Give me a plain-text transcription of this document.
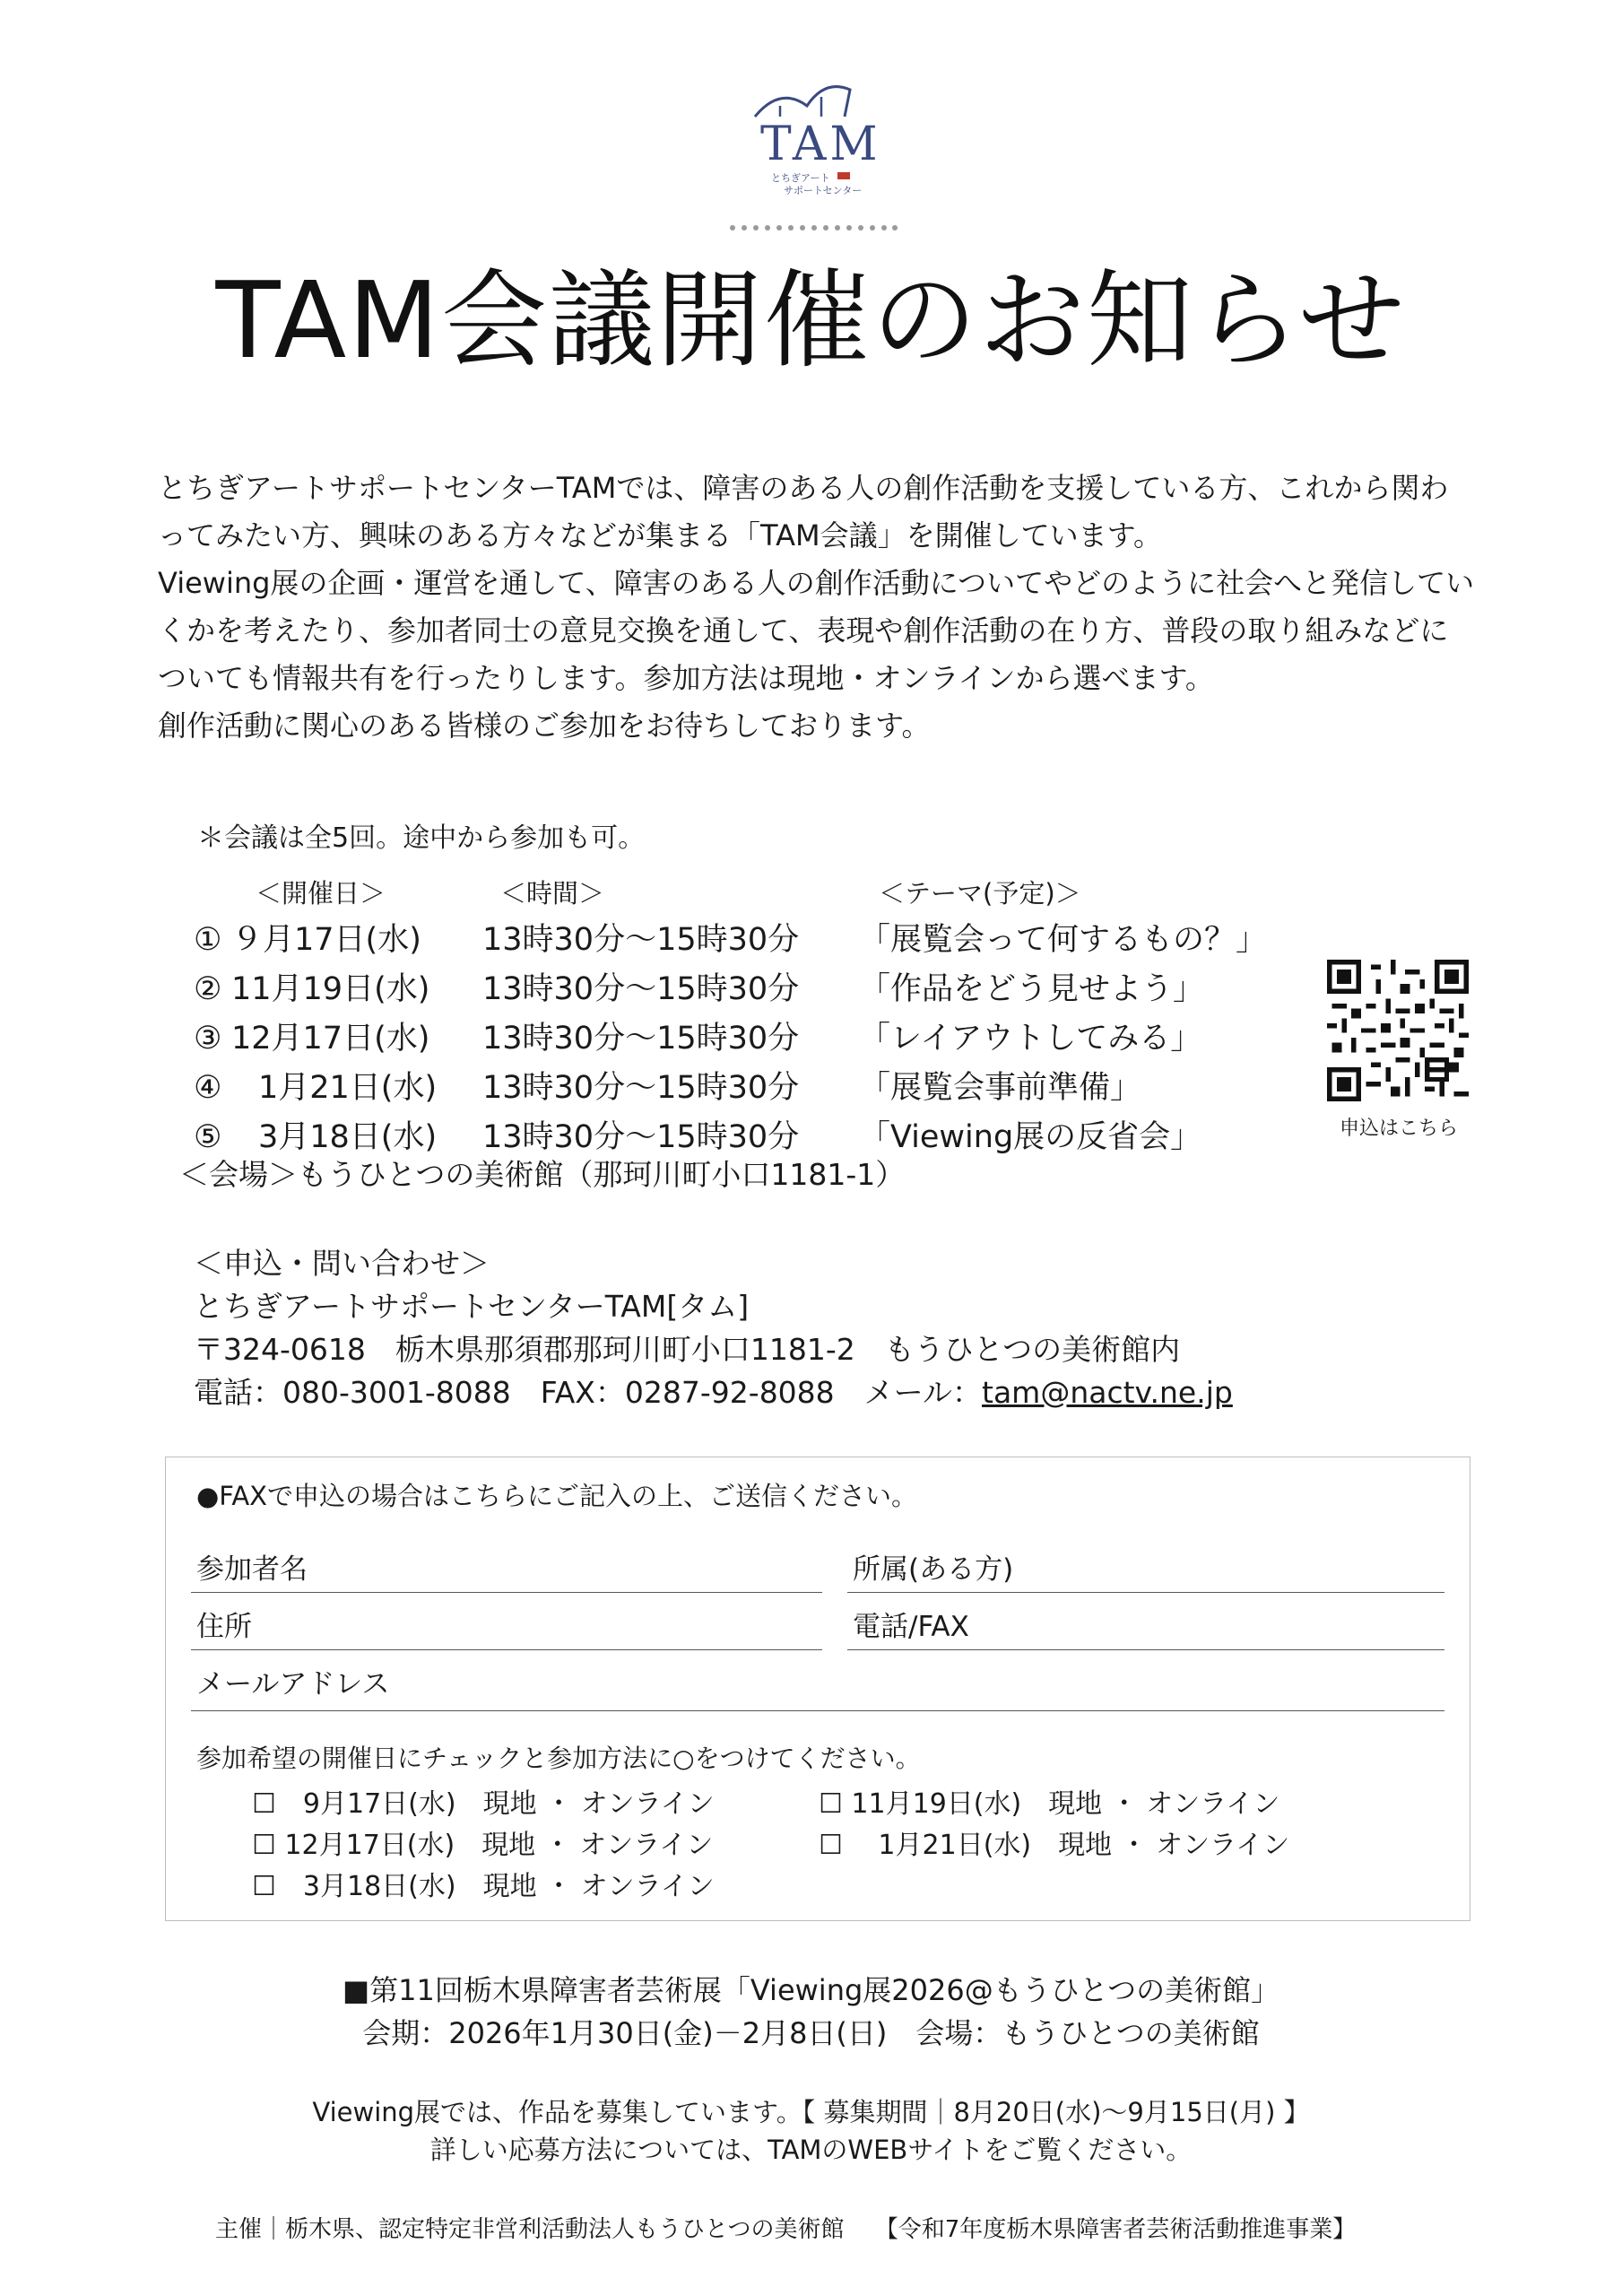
TAM
とちぎアート
サポートセンター
TAM会議開催のお知らせ

とちぎアートサポートセンターTAMでは、障害のある人の創作活動を支援している方、これから関わ

ってみたい方、興味のある方々などが集まる「TAM会議」を開催しています。

Viewing展の企画・運営を通して、障害のある人の創作活動についてやどのように社会へと発信してい

くかを考えたり、参加者同士の意見交換を通して、表現や創作活動の在り方、普段の取り組みなどに

ついても情報共有を行ったりします。参加方法は現地・オンラインから選べます。

創作活動に関心のある皆様のご参加をお待ちしております。

＊会議は全5回。途中から参加も可。
＜開催日＞	＜時間＞	＜テーマ(予定)＞
① ９月17日(水) 13時30分～15時30分 「展覧会って何するもの？」
② 11月19日(水) 13時30分～15時30分 「作品をどう見せよう」
③ 12月17日(水) 13時30分～15時30分 「レイアウトしてみる」
④ 1月21日(水) 13時30分～15時30分 「展覧会事前準備」
⑤ 3月18日(水) 13時30分～15時30分 「Viewing展の反省会」
＜会場＞もうひとつの美術館（那珂川町小口1181-1）
申込はこちら
＜申込・問い合わせ＞
とちぎアートサポートセンターTAM[タム]
〒324-0618　栃木県那須郡那珂川町小口1181-2　もうひとつの美術館内
電話：080-3001-8088　FAX：0287-92-8088　メール：tam@nactv.ne.jp
●FAXで申込の場合はこちらにご記入の上、ご送信ください。
参加者名	所属(ある方)
住所	電話/FAX
メールアドレス
参加希望の開催日にチェックと参加方法に○をつけてください。
☐　9月17日(水)　現地 ・ オンライン	☐ 11月19日(水)　現地 ・ オンライン
☐ 12月17日(水)　現地 ・ オンライン	☐　 1月21日(水)　現地 ・ オンライン
☐　3月18日(水)　現地 ・ オンライン
■第11回栃木県障害者芸術展「Viewing展2026@もうひとつの美術館」
会期：2026年1月30日(金)－2月8日(日)　会場：もうひとつの美術館
Viewing展では、作品を募集しています。【 募集期間｜8月20日(水)～9月15日(月) 】
詳しい応募方法については、TAMのWEBサイトをご覧ください。
主催｜栃木県、認定特定非営利活動法人もうひとつの美術館　 【令和7年度栃木県障害者芸術活動推進事業】
